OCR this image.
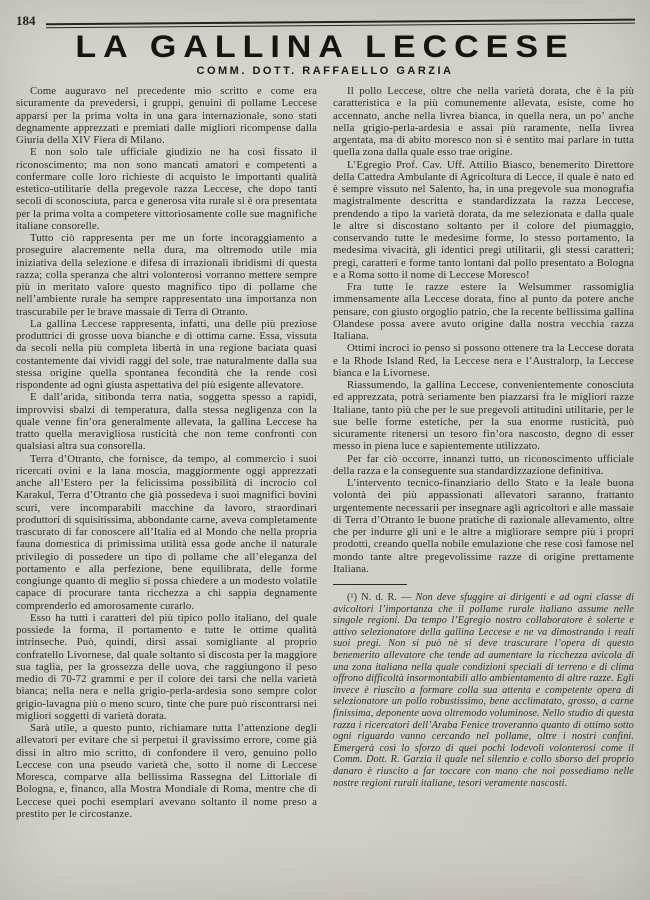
184
LA GALLINA LECCESE
COMM. DOTT. RAFFAELLO GARZIA

Come auguravo nel precedente mio scritto e come era sicuramente da prevedersi, i gruppi, genuini di pollame Leccese apparsi per la prima volta in una gara internazionale, sono stati degnamente apprezzati e premiati dalle migliori ricompense dalla Giuria della XIV Fiera di Milano.

E non solo tale ufficiale giudizio ne ha così fissato il riconoscimento; ma non sono mancati amatori e competenti a confermare colle loro richieste di acquisto le importanti qualità estetico-utilitarie della pregevole razza Leccese, che dopo tanti secoli di sconosciuta, parca e generosa vita rurale si è ora presentata per la prima volta a competere vittoriosamente colle sue magnifiche italiane consorelle.

Tutto ciò rappresenta per me un forte incoraggiamento a proseguire alacremente nella dura, ma oltremodo utile mia iniziativa della selezione e difesa di irrazionali ibridismi di questa razza; colla speranza che altri volonterosi vorranno mettere sempre più in meritato valore questo magnifico tipo di pollame che nell’ambiente rurale ha sempre rappresentato una importanza non trascurabile per le brave massaie di Terra di Otranto.

La gallina Leccese rappresenta, infatti, una delle più preziose produttrici di grosse uova bianche e di ottima carne. Essa, vissuta da secoli nella più completa libertà in una regione baciata quasi costantemente dai vividi raggi del sole, trae naturalmente dalla sua stessa origine quella spontanea fecondità che la rende così rispondente ad ogni giusta aspettativa del più esigente allevatore.

E dall’arida, sitibonda terra natia, soggetta spesso a rapidi, improvvisi sbalzi di temperatura, dalla stessa negligenza con la quale venne fin’ora generalmente allevata, la gallina Leccese ha tratto quella meravigliosa rusticità che non teme confronti con qualsiasi altra sua consorella.

Terra d’Otranto, che fornisce, da tempo, al commercio i suoi ricercati ovini e la lana moscia, maggiormente oggi apprezzati anche all’Estero per la felicissima possibilità di incrocio col Karakul, Terra d’Otranto che già possedeva i suoi magnifici bovini scuri, vere incomparabili macchine da lavoro, straordinari produttori di squisitissima, abbondante carne, aveva completamente trascurato di far conoscere all’Italia ed al Mondo che nella propria fauna domestica di primissima utilità essa gode anche il naturale privilegio di possedere un tipo di pollame che all’eleganza del portamento e alla perfezione, bene equilibrata, delle forme congiunge quanto di meglio si possa chiedere a un modesto volatile capace di procurare tanta ricchezza a chi sappia degnamente comprenderlo ed amorosamente curarlo.

Esso ha tutti i caratteri del più tipico pollo italiano, del quale possiede la forma, il portamento e tutte le ottime qualità intrinseche. Può, quindi, dirsi assai somigliante al proprio confratello Livornese, dal quale soltanto si discosta per la maggiore sua taglia, per la grossezza delle uova, che raggiungono il peso medio di 70-72 grammi e per il colore dei tarsi che nella varietà bianca; nella nera e nella grigio-perla-ardesia sono sempre color grigio-lavagna più o meno scuro, tinte che pure può riscontrarsi nei migliori soggetti di varietà dorata.

Sarà utile, a questo punto, richiamare tutta l’attenzione degli allevatori per evitare che si perpetui il gravissimo errore, come già dissi in altro mio scritto, di confondere il vero, genuino pollo Leccese con una pseudo varietà che, sotto il nome di Leccese Moresca, comparve alla bellissima Rassegna del Littoriale di Bologna, e, financo, alla Mostra Mondiale di Roma, mentre che di Leccese quei pochi esemplari avevano soltanto il nome preso a prestito per le circostanze.

Il pollo Leccese, oltre che nella varietà dorata, che è la più caratteristica e la più comunemente allevata, esiste, come ho accennato, anche nella livrea bianca, in quella nera, un po’ anche nella grigio-perla-ardesia e assai più raramente, nella livrea argentata, ma di abito moresco non si è sentito mai parlare in tutta quella zona dalla quale esso trae origine.

L’Egregio Prof. Cav. Uff. Attilio Biasco, benemerito Direttore della Cattedra Ambulante di Agricoltura di Lecce, il quale è nato ed è sempre vissuto nel Salento, ha, in una pregevole sua monografia magistralmente descritta e standardizzata la razza Leccese, prendendo a tipo la varietà dorata, da me selezionata e dalla quale le altre si discostano soltanto per il colore del piumaggio, conservando tutte le medesime forme, lo stesso portamento, la medesima vivacità, gli identici pregi utilitarii, gli stessi caratteri; pregi, caratteri e forme tanto lontani dal pollo presentato a Bologna e a Roma sotto il nome di Leccese Moresco!

Fra tutte le razze estere la Welsummer rassomiglia immensamente alla Leccese dorata, fino al punto da potere anche pensare, con giusto orgoglio patrio, che la recente bellissima gallina Olandese possa avere avuto origine dalla nostra vecchia razza Italiana.

Ottimi incroci io penso si possono ottenere tra la Leccese dorata e la Rhode Island Red, la Leccese nera e l’Australorp, la Leccese bianca e la Livornese.

Riassumendo, la gallina Leccese, convenientemente conosciuta ed apprezzata, potrà seriamente ben piazzarsi fra le migliori razze Italiane, tanto più che per le sue pregevoli attitudini utilitarie, per le sue belle forme estetiche, per la sua enorme rusticità, può sicuramente ritenersi un tesoro fin’ora nascosto, degno di esser messo in piena luce e sapientemente utilizzato.

Per far ciò occorre, innanzi tutto, un riconoscimento ufficiale della razza e la conseguente sua standardizzazione definitiva.

L’intervento tecnico-finanziario dello Stato e la leale buona volontà dei più appassionati allevatori saranno, frattanto urgentemente necessarii per insegnare agli agricoltori e alle massaie di Terra d’Otranto le buone pratiche di razionale allevamento, oltre che per indurre gli uni e le altre a migliorare sempre più i propri prodotti, creando quella nobile emulazione che rese così famose nel mondo tante altre pregevolissime razze di origine prettamente Italiana.

(¹) N. d. R. — Non deve sfuggire ai dirigenti e ad ogni classe di avicoltori l’importanza che il pollame rurale italiano assume nelle singole regioni. Da tempo l’Egregio nostro collaboratore è solerte e attivo selezionatore della gallina Leccese e ne va dimostrando i reali suoi pregi. Non si può nè si deve trascurare l’opera di questo benemerito allevatore che tende ad aumentare la ricchezza avicola di una zona italiana nella quale condizioni speciali di terreno e di clima offrono difficoltà insormontabili allo ambientamento di altre razze. Egli invece è riuscito a formare colla sua attenta e competente opera di selezionatore un pollo robustissimo, bene acclimatato, grosso, a carne finissima, deponente uova oltremodo voluminose. Nello studio di questa razza i ricercatori dell’Araba Fenice troveranno quanto di ottimo sotto ogni riguardo vanno cercando nel pollame, oltre i nostri confini. Emergerà così lo sforzo di quei pochi lodevoli volonterosi come il Comm. Dott. R. Garzia il quale nel silenzio e collo sborso del proprio danaro è riuscito a far toccare con mano che noi possediamo nelle nostre regioni rurali italiane, tesori veramente nascosti.
